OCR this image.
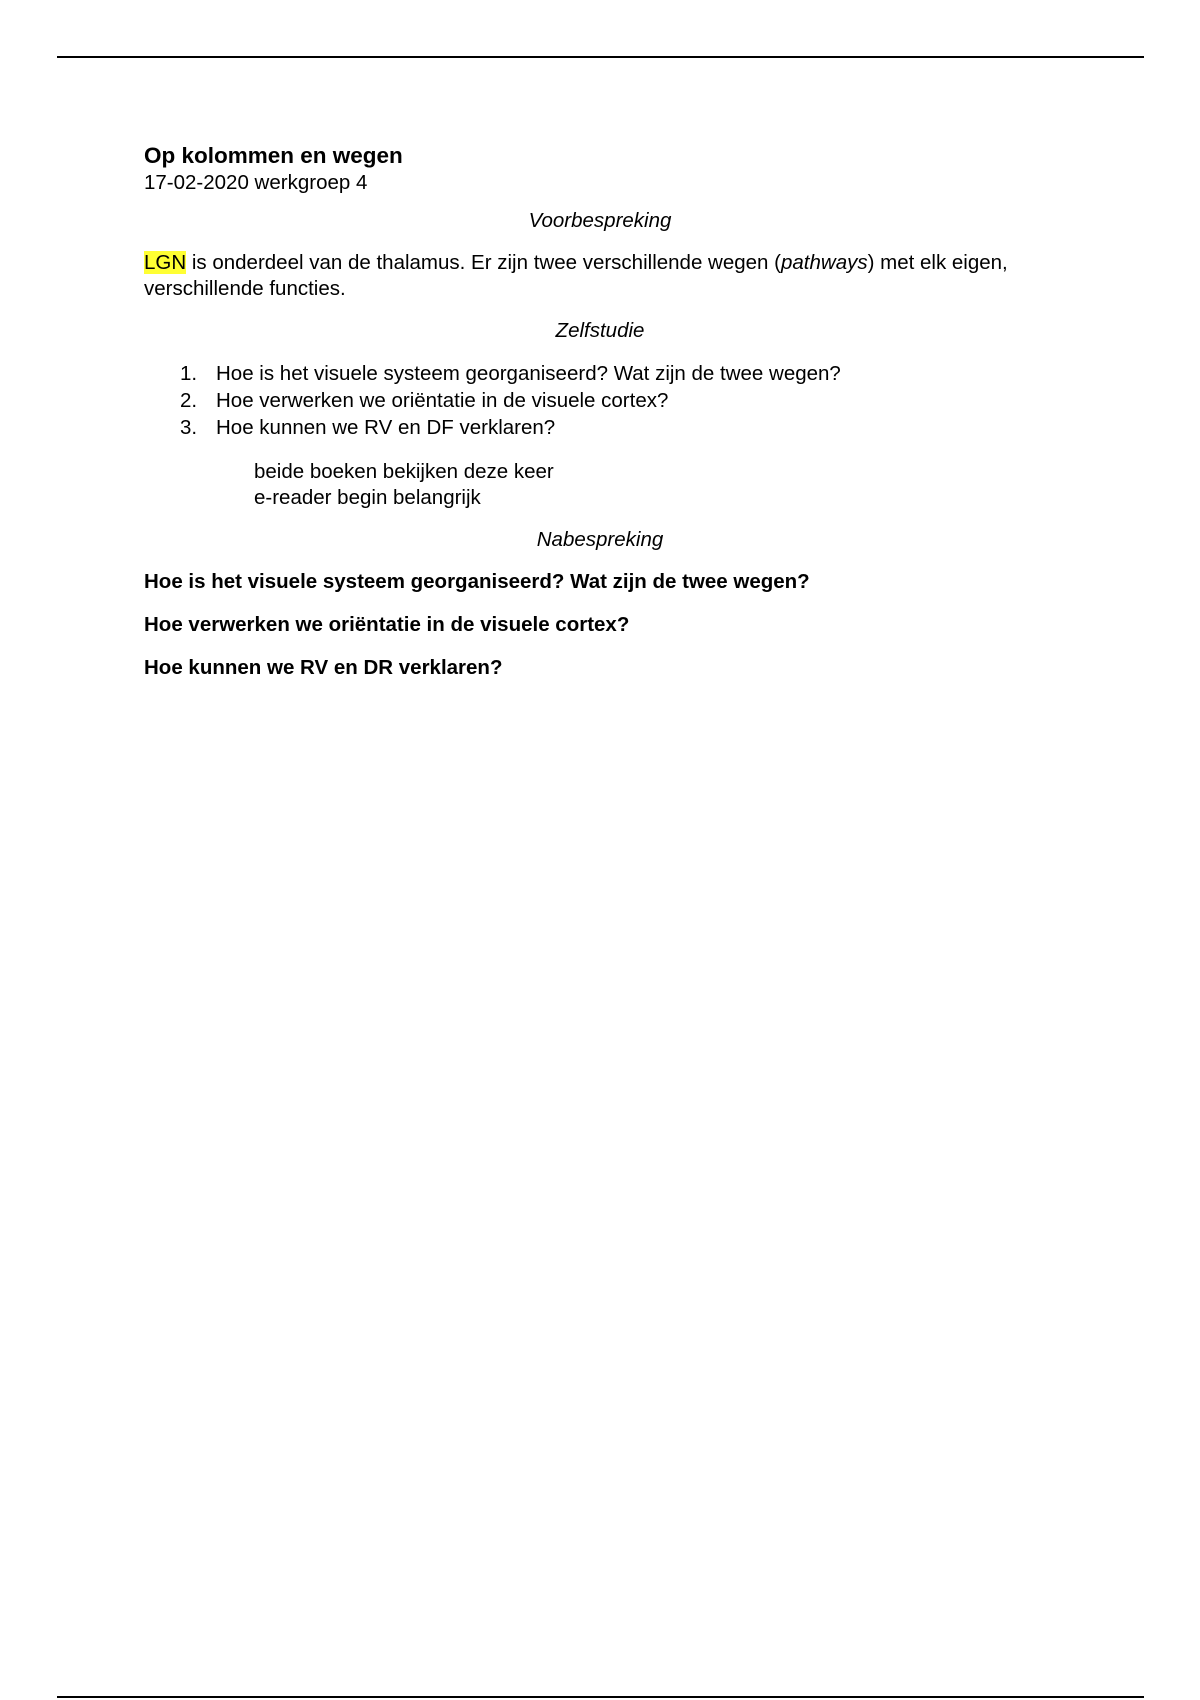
Op kolommen en wegen
17-02-2020 werkgroep 4
Voorbespreking
LGN is onderdeel van de thalamus. Er zijn twee verschillende wegen (pathways) met elk eigen, verschillende functies.
Zelfstudie
1. Hoe is het visuele systeem georganiseerd? Wat zijn de twee wegen?
2. Hoe verwerken we oriëntatie in de visuele cortex?
3. Hoe kunnen we RV en DF verklaren?
beide boeken bekijken deze keer
e-reader begin belangrijk
Nabespreking
Hoe is het visuele systeem georganiseerd? Wat zijn de twee wegen?
Hoe verwerken we oriëntatie in de visuele cortex?
Hoe kunnen we RV en DR verklaren?
